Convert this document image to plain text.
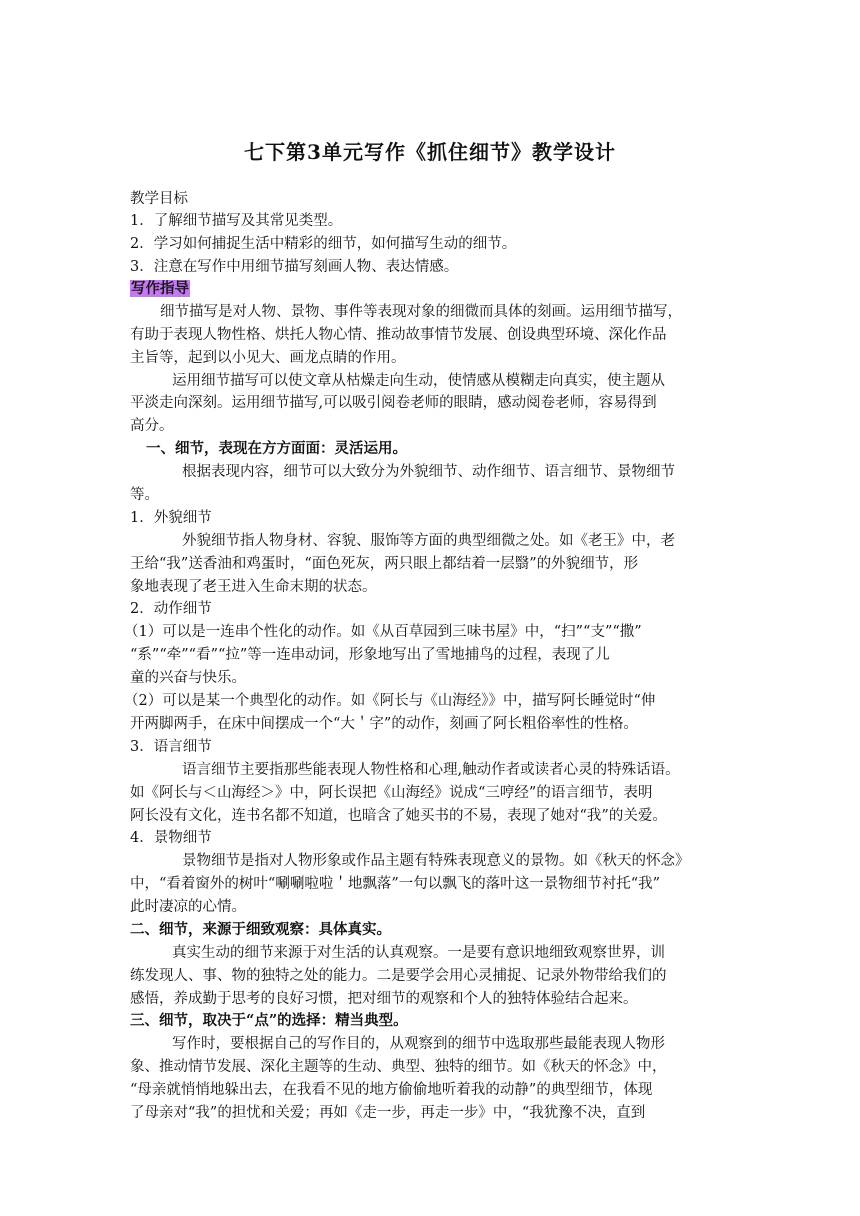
七下第3单元写作《抓住细节》教学设计
教学目标
1．了解细节描写及其常见类型。
2．学习如何捕捉生活中精彩的细节，如何描写生动的细节。
3．注意在写作中用细节描写刻画人物、表达情感。
写作指导
细节描写是对人物、景物、事件等表现对象的细微而具体的刻画。运用细节描写，
有助于表现人物性格、烘托人物心情、推动故事情节发展、创设典型环境、深化作品
主旨等，起到以小见大、画龙点睛的作用。
运用细节描写可以使文章从枯燥走向生动，使情感从模糊走向真实，使主题从
平淡走向深刻。运用细节描写,可以吸引阅卷老师的眼睛，感动阅卷老师，容易得到
高分。
一、细节，表现在方方面面：灵活运用。
根据表现内容，细节可以大致分为外貌细节、动作细节、语言细节、景物细节
等。
1．外貌细节
外貌细节指人物身材、容貌、服饰等方面的典型细微之处。如《老王》中，老
王给“我”送香油和鸡蛋时，“面色死灰，两只眼上都结着一层翳”的外貌细节，形
象地表现了老王进入生命末期的状态。
2．动作细节
（1）可以是一连串个性化的动作。如《从百草园到三味书屋》中，“扫”“支”“撒”
“系”“牵”“看”“拉”等一连串动词，形象地写出了雪地捕鸟的过程，表现了儿
童的兴奋与快乐。
（2）可以是某一个典型化的动作。如《阿长与《山海经》》中，描写阿长睡觉时“伸
开两脚两手，在床中间摆成一个“大＇字”的动作，刻画了阿长粗俗率性的性格。
3．语言细节
语言细节主要指那些能表现人物性格和心理,触动作者或读者心灵的特殊话语。
如《阿长与＜山海经＞》中，阿长误把《山海经》说成“三哼经”的语言细节，表明
阿长没有文化，连书名都不知道，也暗含了她买书的不易，表现了她对“我”的关爱。
4．景物细节
景物细节是指对人物形象或作品主题有特殊表现意义的景物。如《秋天的怀念》
中，“看着窗外的树叶“唰唰啦啦＇地飘落”一句以飘飞的落叶这一景物细节衬托“我”
此时凄凉的心情。
二、细节，来源于细致观察：具体真实。
真实生动的细节来源于对生活的认真观察。一是要有意识地细致观察世界，训
练发现人、事、物的独特之处的能力。二是要学会用心灵捕捉、记录外物带给我们的
感悟，养成勤于思考的良好习惯，把对细节的观察和个人的独特体验结合起来。
三、细节，取决于“点”的选择：精当典型。
写作时，要根据自己的写作目的，从观察到的细节中选取那些最能表现人物形
象、推动情节发展、深化主题等的生动、典型、独特的细节。如《秋天的怀念》中，
“母亲就悄悄地躲出去，在我看不见的地方偷偷地听着我的动静”的典型细节，体现
了母亲对“我”的担忧和关爱；再如《走一步，再走一步》中，“我犹豫不决，直到
